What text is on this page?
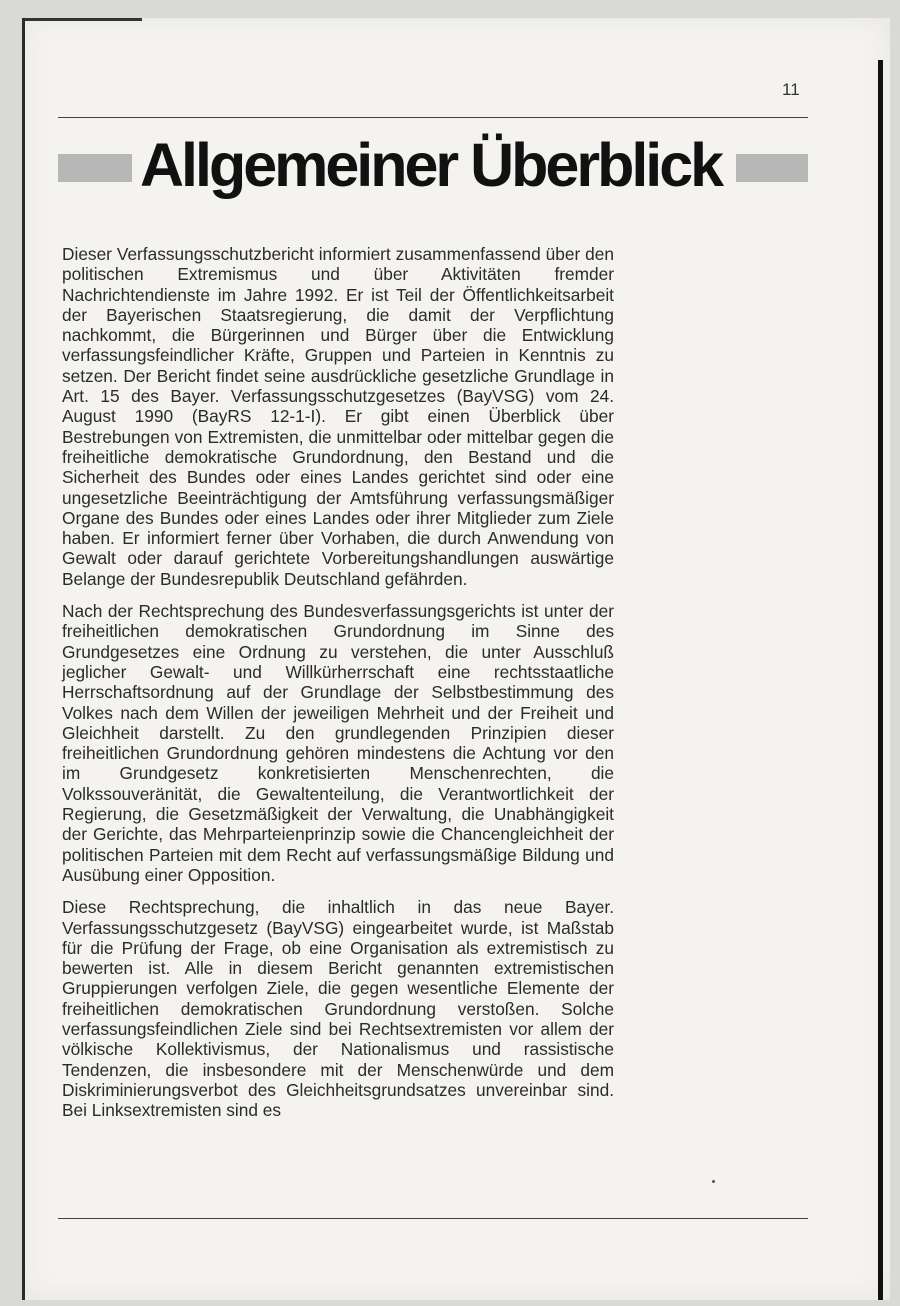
11
Allgemeiner Überblick

Dieser Verfassungsschutzbericht informiert zusammenfassend über den politischen Extremismus und über Aktivitäten fremder Nachrichtendienste im Jahre 1992. Er ist Teil der Öffentlichkeitsarbeit der Bayerischen Staatsregierung, die damit der Verpflichtung nachkommt, die Bürgerinnen und Bürger über die Entwicklung verfassungsfeindlicher Kräfte, Gruppen und Parteien in Kenntnis zu setzen. Der Bericht findet seine ausdrückliche gesetzliche Grundlage in Art. 15 des Bayer. Verfassungsschutzgesetzes (BayVSG) vom 24. August 1990 (BayRS 12-1-I). Er gibt einen Überblick über Bestrebungen von Extremisten, die unmittelbar oder mittelbar gegen die freiheitliche demokratische Grundordnung, den Bestand und die Sicherheit des Bundes oder eines Landes gerichtet sind oder eine ungesetzliche Beeinträchtigung der Amtsführung verfassungsmäßiger Organe des Bundes oder eines Landes oder ihrer Mitglieder zum Ziele haben. Er informiert ferner über Vorhaben, die durch Anwendung von Gewalt oder darauf gerichtete Vorbereitungshandlungen auswärtige Belange der Bundesrepublik Deutschland gefährden.

Nach der Rechtsprechung des Bundesverfassungsgerichts ist unter der freiheitlichen demokratischen Grundordnung im Sinne des Grundgesetzes eine Ordnung zu verstehen, die unter Ausschluß jeglicher Gewalt- und Willkürherrschaft eine rechtsstaatliche Herrschaftsordnung auf der Grundlage der Selbstbestimmung des Volkes nach dem Willen der jeweiligen Mehrheit und der Freiheit und Gleichheit darstellt. Zu den grundlegenden Prinzipien dieser freiheitlichen Grundordnung gehören mindestens die Achtung vor den im Grundgesetz konkretisierten Menschenrechten, die Volkssouveränität, die Gewaltenteilung, die Verantwortlichkeit der Regierung, die Gesetzmäßigkeit der Verwaltung, die Unabhängigkeit der Gerichte, das Mehrparteienprinzip sowie die Chancengleichheit der politischen Parteien mit dem Recht auf verfassungsmäßige Bildung und Ausübung einer Opposition.

Diese Rechtsprechung, die inhaltlich in das neue Bayer. Verfassungsschutzgesetz (BayVSG) eingearbeitet wurde, ist Maßstab für die Prüfung der Frage, ob eine Organisation als extremistisch zu bewerten ist. Alle in diesem Bericht genannten extremistischen Gruppierungen verfolgen Ziele, die gegen wesentliche Elemente der freiheitlichen demokratischen Grundordnung verstoßen. Solche verfassungsfeindlichen Ziele sind bei Rechtsextremisten vor allem der völkische Kollektivismus, der Nationalismus und rassistische Tendenzen, die insbesondere mit der Menschenwürde und dem Diskriminierungsverbot des Gleichheitsgrundsatzes unvereinbar sind. Bei Linksextremisten sind es
